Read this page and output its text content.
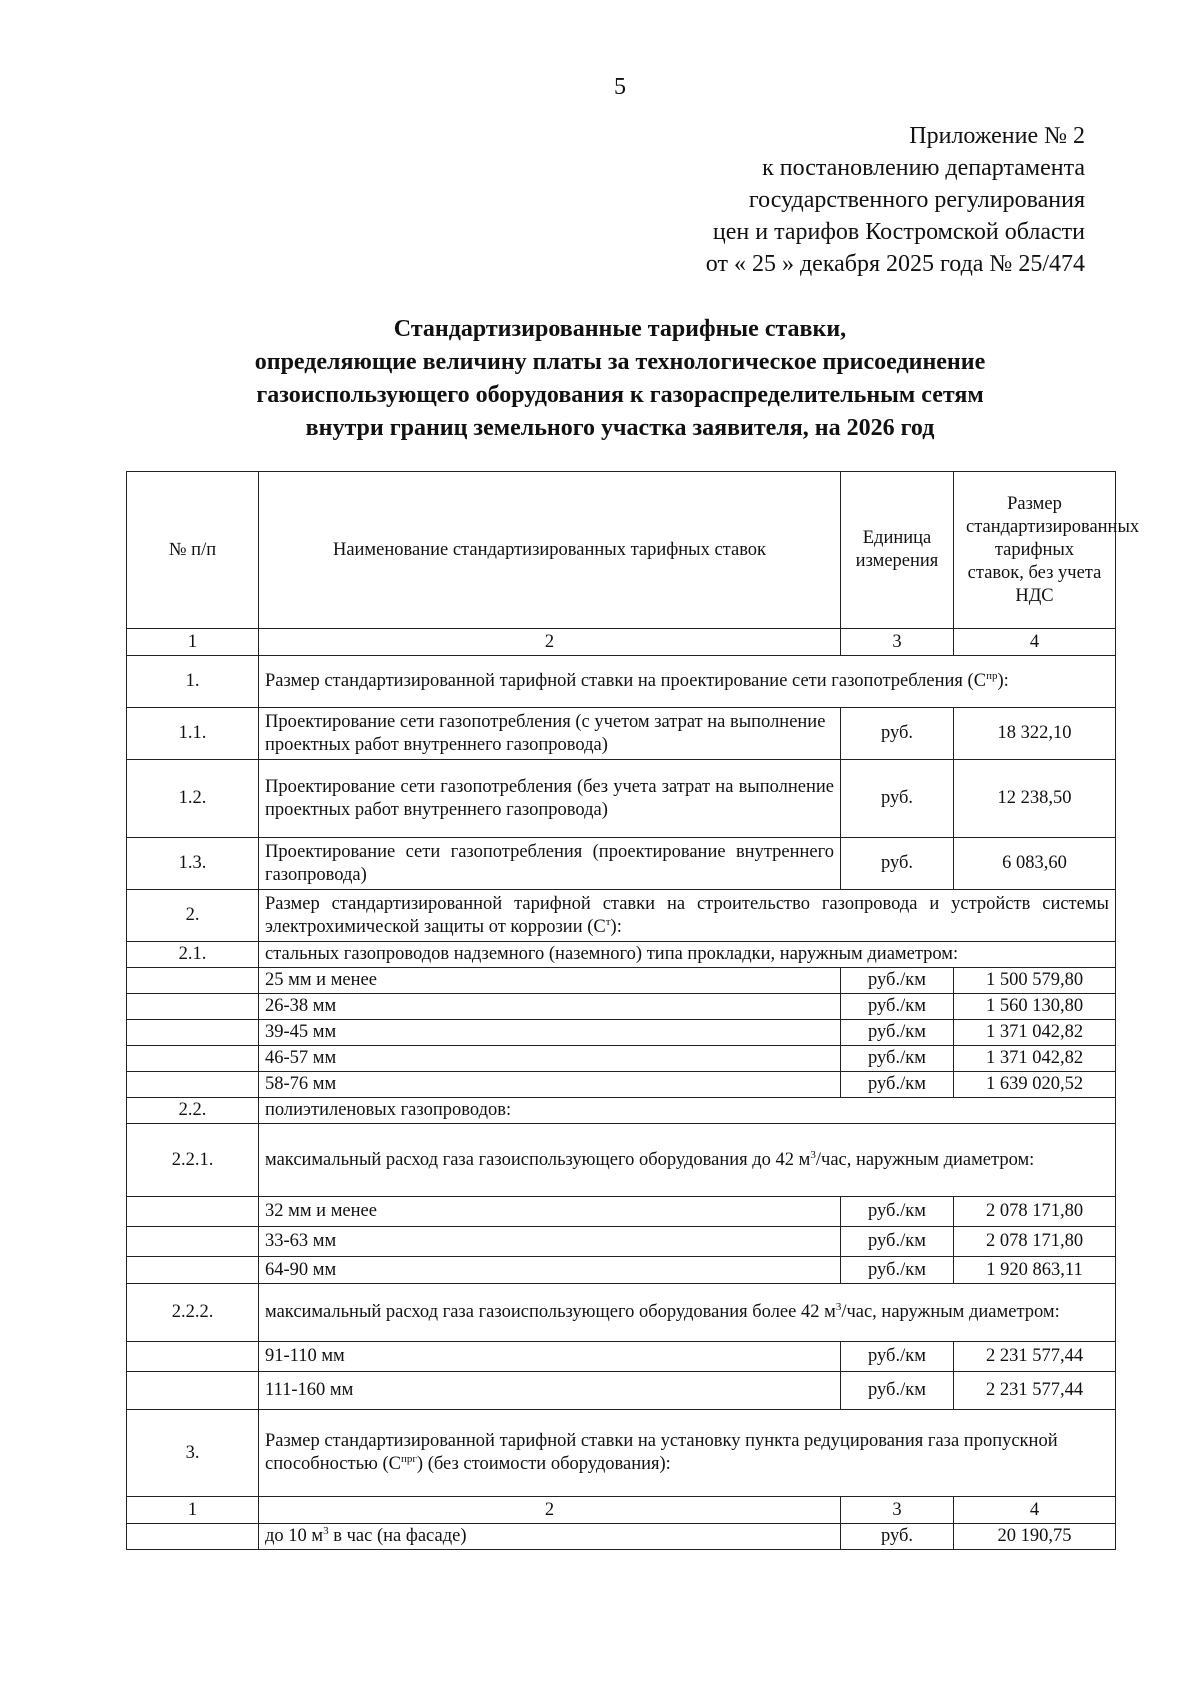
5
Приложение № 2
к постановлению департамента
государственного регулирования
цен и тарифов Костромской области
от « 25 » декабря 2025 года № 25/474
Стандартизированные тарифные ставки,
определяющие величину платы за технологическое присоединение
газоиспользующего оборудования к газораспределительным сетям
внутри границ земельного участка заявителя, на 2026 год
№ п/п	Наименование стандартизированных тарифных ставок	Единица измерения	Размер стандартизированных тарифных ставок, без учета НДС
1	2	3	4
1.	Размер стандартизированной тарифной ставки на проектирование сети газопотребления $(С^{пр})$:		
1.1.	Проектирование сети газопотребления (с учетом затрат на выполнение проектных работ внутреннего газопровода)	руб.	18 322,10
1.2.	Проектирование сети газопотребления (без учета затрат на выполнение проектных работ внутреннего газопровода)	руб.	12 238,50
1.3.	Проектирование сети газопотребления (проектирование внутреннего газопровода)	руб.	6 083,60
2.	Размер стандартизированной тарифной ставки на строительство газопровода и устройств системы электрохимической защиты от коррозии $(С^т)$:		
2.1.	стальных газопроводов надземного (наземного) типа прокладки, наружным диаметром:		
	25 мм и менее	руб./км	1 500 579,80
	26-38 мм	руб./км	1 560 130,80
	39-45 мм	руб./км	1 371 042,82
	46-57 мм	руб./км	1 371 042,82
	58-76 мм	руб./км	1 639 020,52
2.2.	полиэтиленовых газопроводов:		
2.2.1.	максимальный расход газа газоиспользующего оборудования до 42 $м^3$/час, наружным диаметром:		
	32 мм и менее	руб./км	2 078 171,80
	33-63 мм	руб./км	2 078 171,80
	64-90 мм	руб./км	1 920 863,11
2.2.2.	максимальный расход газа газоиспользующего оборудования более 42 $м^3$/час, наружным диаметром:		
	91-110 мм	руб./км	2 231 577,44
	111-160 мм	руб./км	2 231 577,44
3.	Размер стандартизированной тарифной ставки на установку пункта редуцирования газа пропускной способностью $(С^{прг})$ (без стоимости оборудования):		
1	2	3	4
	до 10 $м^3$ в час (на фасаде)	руб.	20 190,75
